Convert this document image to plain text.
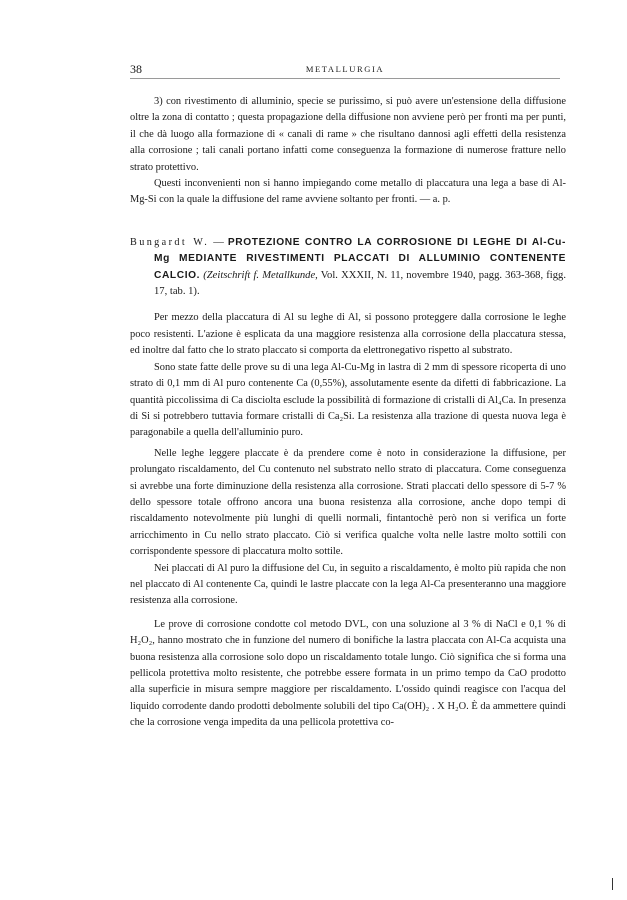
38	METALLURGIA

3) con rivestimento di alluminio, specie se purissimo, si può avere un'estensione della diffusione oltre la zona di contatto ; questa propagazione della diffusione non avviene però per fronti ma per punti, il che dà luogo alla formazione di « canali di rame » che risultano dannosi agli effetti della resistenza alla corrosione ; tali canali portano infatti come conseguenza la formazione di numerose fratture nello strato protettivo.

Questi inconvenienti non si hanno impiegando come metallo di placcatura una lega a base di Al-Mg-Si con la quale la diffusione del rame avviene soltanto per fronti. — a. p.

Bungardt W. — PROTEZIONE CONTRO LA CORROSIONE DI LEGHE DI Al-Cu-Mg MEDIANTE RIVESTIMENTI PLACCATI DI ALLUMINIO CONTENENTE CALCIO. (Zeitschrift f. Metallkunde, Vol. XXXII, N. 11, novembre 1940, pagg. 363-368, figg. 17, tab. 1).

Per mezzo della placcatura di Al su leghe di Al, si possono proteggere dalla corrosione le leghe poco resistenti. L'azione è esplicata da una maggiore resistenza alla corrosione della placcatura stessa, ed inoltre dal fatto che lo strato placcato si comporta da elettronegativo rispetto al substrato.

Sono state fatte delle prove su di una lega Al-Cu-Mg in lastra di 2 mm di spessore ricoperta di uno strato di 0,1 mm di Al puro contenente Ca (0,55%), assolutamente esente da difetti di fabbricazione. La quantità piccolissima di Ca disciolta esclude la possibilità di formazione di cristalli di Al₄Ca. In presenza di Si si potrebbero tuttavia formare cristalli di Ca₂Si. La resistenza alla trazione di questa nuova lega è paragonabile a quella dell'alluminio puro.

Nelle leghe leggere placcate è da prendere come è noto in considerazione la diffusione, per prolungato riscaldamento, del Cu contenuto nel substrato nello strato di placcatura. Come conseguenza si avrebbe una forte diminuzione della resistenza alla corrosione. Strati placcati dello spessore di 5-7 % dello spessore totale offrono ancora una buona resistenza alla corrosione, anche dopo tempi di riscaldamento notevolmente più lunghi di quelli normali, fintantochè però non si verifica un forte arricchimento in Cu nello strato placcato. Ciò si verifica qualche volta nelle lastre molto sottili con corrispondente spessore di placcatura molto sottile.

Nei placcati di Al puro la diffusione del Cu, in seguito a riscaldamento, è molto più rapida che non nel placcato di Al contenente Ca, quindi le lastre placcate con la lega Al-Ca presenteranno una maggiore resistenza alla corrosione.

Le prove di corrosione condotte col metodo DVL, con una soluzione al 3 % di NaCl e 0,1 % di H₂O₂, hanno mostrato che in funzione del numero di bonifiche la lastra placcata con Al-Ca acquista una buona resistenza alla corrosione solo dopo un riscaldamento totale lungo. Ciò significa che si forma una pellicola protettiva molto resistente, che potrebbe essere formata in un primo tempo da CaO prodotto alla superficie in misura sempre maggiore per riscaldamento. L'ossido quindi reagisce con l'acqua del liquido corrodente dando prodotti debolmente solubili del tipo Ca(OH)₂ . X H₂O. È da ammettere quindi che la corrosione venga impedita da una pellicola protettiva co-
